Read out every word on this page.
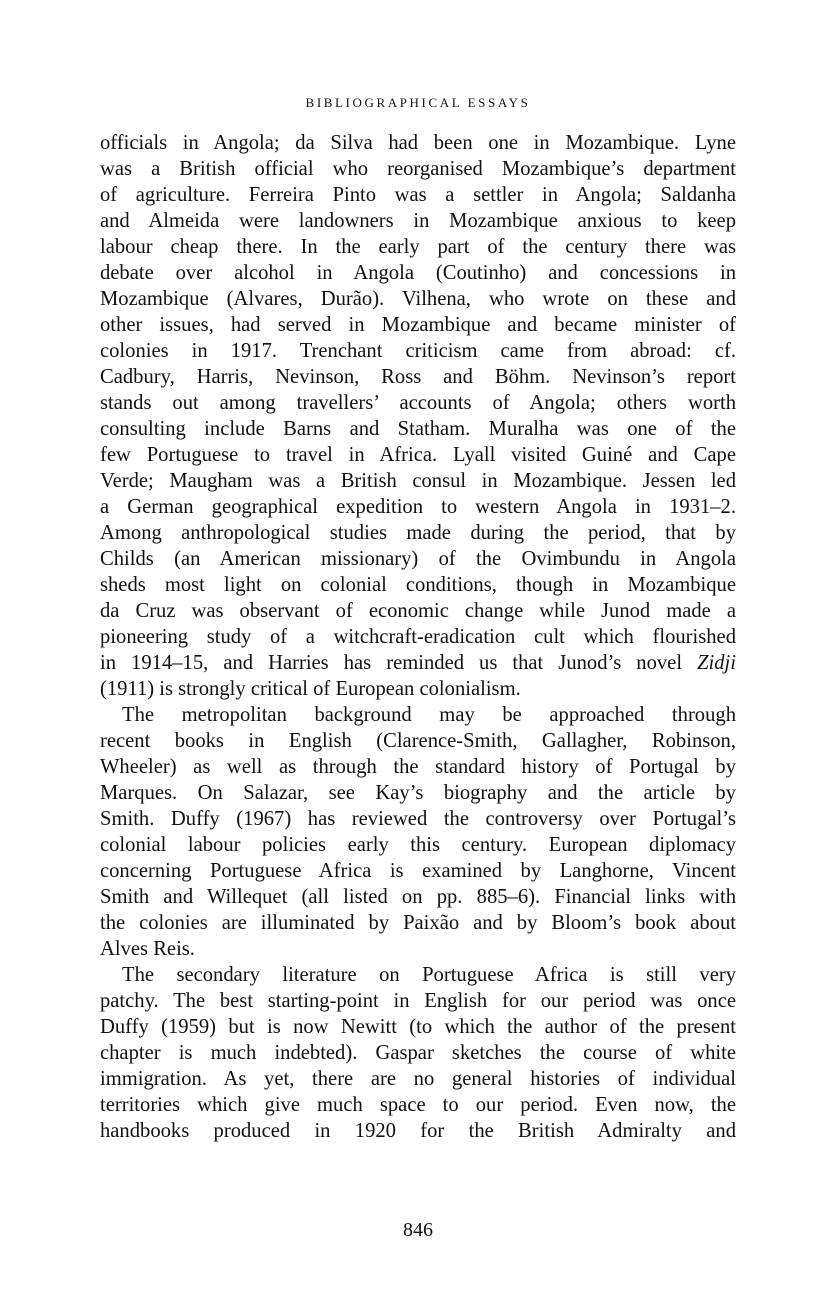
BIBLIOGRAPHICAL ESSAYS

officials in Angola; da Silva had been one in Mozambique. Lyne
was a British official who reorganised Mozambique’s department
of agriculture. Ferreira Pinto was a settler in Angola; Saldanha
and Almeida were landowners in Mozambique anxious to keep
labour cheap there. In the early part of the century there was
debate over alcohol in Angola (Coutinho) and concessions in
Mozambique (Alvares, Durão). Vilhena, who wrote on these and
other issues, had served in Mozambique and became minister of
colonies in 1917. Trenchant criticism came from abroad: cf.
Cadbury, Harris, Nevinson, Ross and Böhm. Nevinson’s report
stands out among travellers’ accounts of Angola; others worth
consulting include Barns and Statham. Muralha was one of the
few Portuguese to travel in Africa. Lyall visited Guiné and Cape
Verde; Maugham was a British consul in Mozambique. Jessen led
a German geographical expedition to western Angola in 1931–2.
Among anthropological studies made during the period, that by
Childs (an American missionary) of the Ovimbundu in Angola
sheds most light on colonial conditions, though in Mozambique
da Cruz was observant of economic change while Junod made a
pioneering study of a witchcraft-eradication cult which flourished
in 1914–15, and Harries has reminded us that Junod’s novel Zidji
(1911) is strongly critical of European colonialism.

The metropolitan background may be approached through
recent books in English (Clarence-Smith, Gallagher, Robinson,
Wheeler) as well as through the standard history of Portugal by
Marques. On Salazar, see Kay’s biography and the article by
Smith. Duffy (1967) has reviewed the controversy over Portugal’s
colonial labour policies early this century. European diplomacy
concerning Portuguese Africa is examined by Langhorne, Vincent
Smith and Willequet (all listed on pp. 885–6). Financial links with
the colonies are illuminated by Paixão and by Bloom’s book about
Alves Reis.

The secondary literature on Portuguese Africa is still very
patchy. The best starting-point in English for our period was once
Duffy (1959) but is now Newitt (to which the author of the present
chapter is much indebted). Gaspar sketches the course of white
immigration. As yet, there are no general histories of individual
territories which give much space to our period. Even now, the
handbooks produced in 1920 for the British Admiralty and

846
